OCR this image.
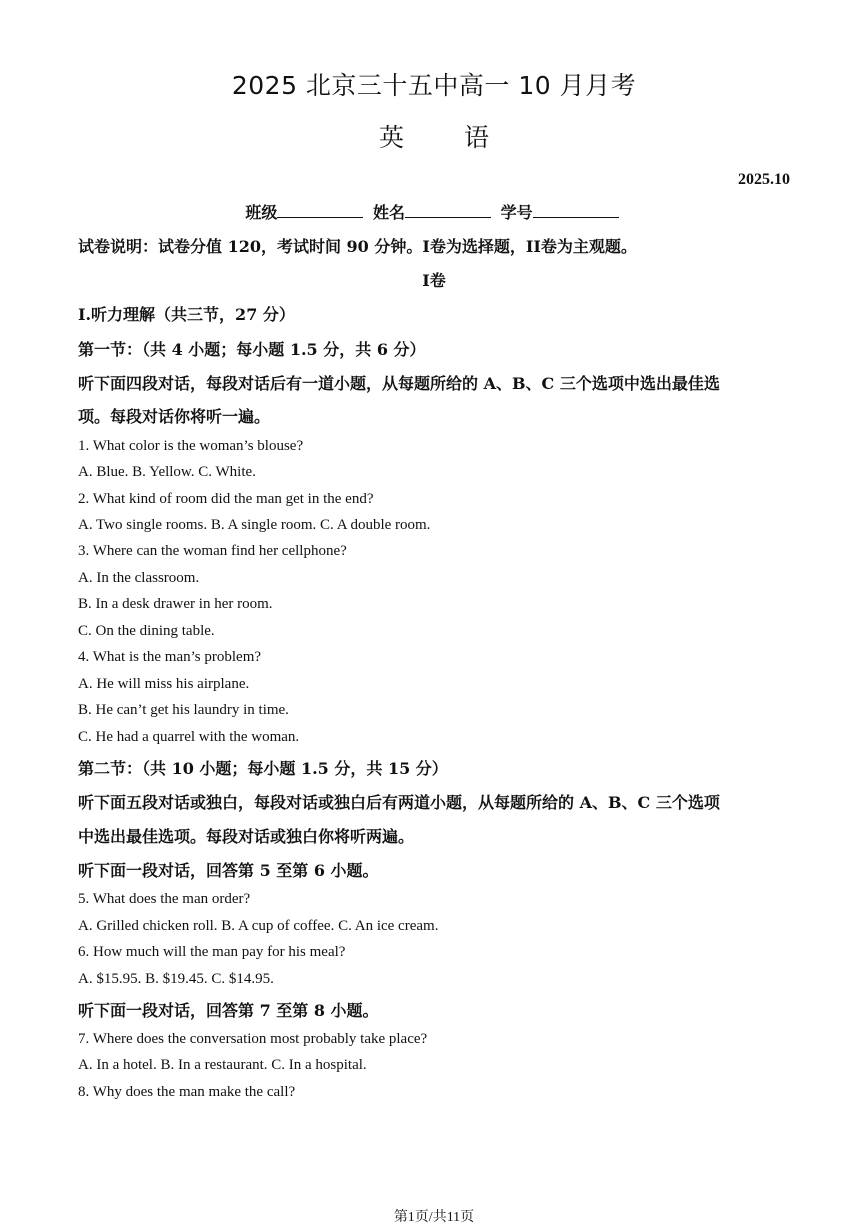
2025 北京三十五中高一 10 月月考
英语
2025.10
班级	姓名	学号
试卷说明：试卷分值 120，考试时间 90 分钟。I卷为选择题，II卷为主观题。
I卷
I.听力理解（共三节，27 分）
第一节：（共 4 小题；每小题 1.5 分，共 6 分）
听下面四段对话，每段对话后有一道小题，从每题所给的 A、B、C 三个选项中选出最佳选
项。每段对话你将听一遍。
1. What color is the woman’s blouse?
A. Blue. B. Yellow. C. White.
2. What kind of room did the man get in the end?
A. Two single rooms. B. A single room. C. A double room.
3. Where can the woman find her cellphone?
A. In the classroom.
B. In a desk drawer in her room.
C. On the dining table.
4. What is the man’s problem?
A. He will miss his airplane.
B. He can’t get his laundry in time.
C. He had a quarrel with the woman.
第二节：（共 10 小题；每小题 1.5 分，共 15 分）
听下面五段对话或独白，每段对话或独白后有两道小题，从每题所给的 A、B、C 三个选项
中选出最佳选项。每段对话或独白你将听两遍。
听下面一段对话，回答第 5 至第 6 小题。
5. What does the man order?
A. Grilled chicken roll. B. A cup of coffee. C. An ice cream.
6. How much will the man pay for his meal?
A. $15.95. B. $19.45. C. $14.95.
听下面一段对话，回答第 7 至第 8 小题。
7. Where does the conversation most probably take place?
A. In a hotel. B. In a restaurant. C. In a hospital.
8. Why does the man make the call?
第1页/共11页
